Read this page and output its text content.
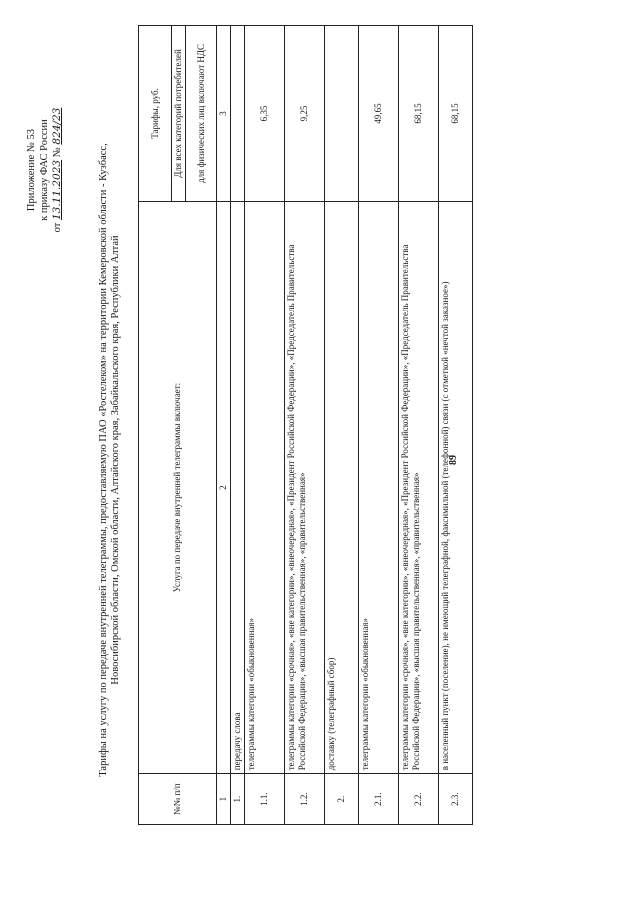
89
Приложение № 53 к приказу ФАС России
от 13.11.2023 № 824/23
Тарифы на услугу по передаче внутренней телеграммы, предоставляемую ПАО «Ростелеком» на территории Кемеровской области - Кузбасс, Новосибирской области, Омской области, Алтайского края, Забайкальского края, Республики Алтай
№№ п/п	Услуга по передаче внутренней телеграммы включает:	Тарифы, руб.
		Для всех категорий потребителей
		для физических лиц включают НДС
1	2	3
1.	передачу слова	
1.1.	телеграммы категории «обыкновенная»	6,35
1.2.	телеграммы категории «срочная», «вне категории», «внеочередная», «Президент Российской Федерации», «Председатель Правительства Российской Федерации», «высшая правительственная», «правительственная»	9,25
2.	доставку (телеграфный сбор)	
2.1.	телеграммы категории «обыкновенная»	49,65
2.2.	телеграммы категории «срочная», «вне категории», «внеочередная», «Президент Российской Федерации», «Председатель Правительства Российской Федерации», «высшая правительственная», «правительственная»	68,15
2.3.	в населенный пункт (поселение), не имеющий телеграфной, факсимильной (телефонной) связи (с отметкой «нечтой заказное»)	68,15
